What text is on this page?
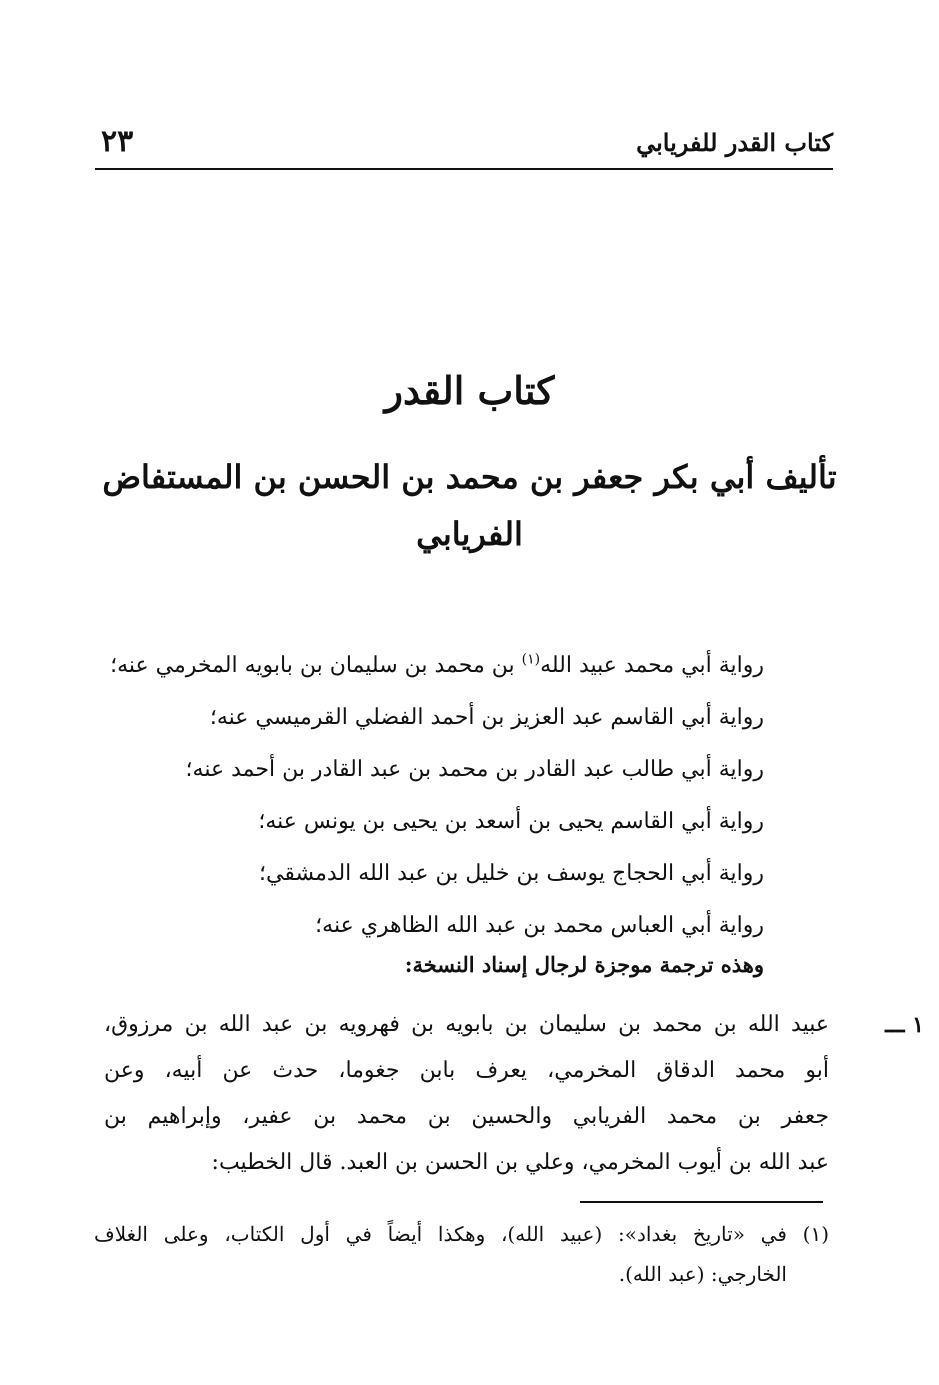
كتاب القدر للفريابي
٢٣
كتاب القدر
تأليف أبي بكر جعفر بن محمد بن الحسن بن المستفاض
الفريابي
رواية أبي محمد عبيد الله$^{(١)}$ بن محمد بن سليمان بن بابويه المخرمي عنه؛
رواية أبي القاسم عبد العزيز بن أحمد الفضلي القرميسي عنه؛
رواية أبي طالب عبد القادر بن محمد بن عبد القادر بن أحمد عنه؛
رواية أبي القاسم يحيى بن أسعد بن يحيى بن يونس عنه؛
رواية أبي الحجاج يوسف بن خليل بن عبد الله الدمشقي؛
رواية أبي العباس محمد بن عبد الله الظاهري عنه؛
وهذه ترجمة موجزة لرجال إسناد النسخة:
١ ـــ
عبيد الله بن محمد بن سليمان بن بابويه بن فهرويه بن عبد الله بن مرزوق،
أبو محمد الدقاق المخرمي، يعرف بابن جغوما، حدث عن أبيه، وعن
جعفر بن محمد الفريابي والحسين بن محمد بن عفير، وإبراهيم بن
عبد الله بن أيوب المخرمي، وعلي بن الحسن بن العبد. قال الخطيب:
(١) في «تاريخ بغداد»: (عبيد الله)، وهكذا أيضاً في أول الكتاب، وعلى الغلاف
الخارجي: (عبد الله).
